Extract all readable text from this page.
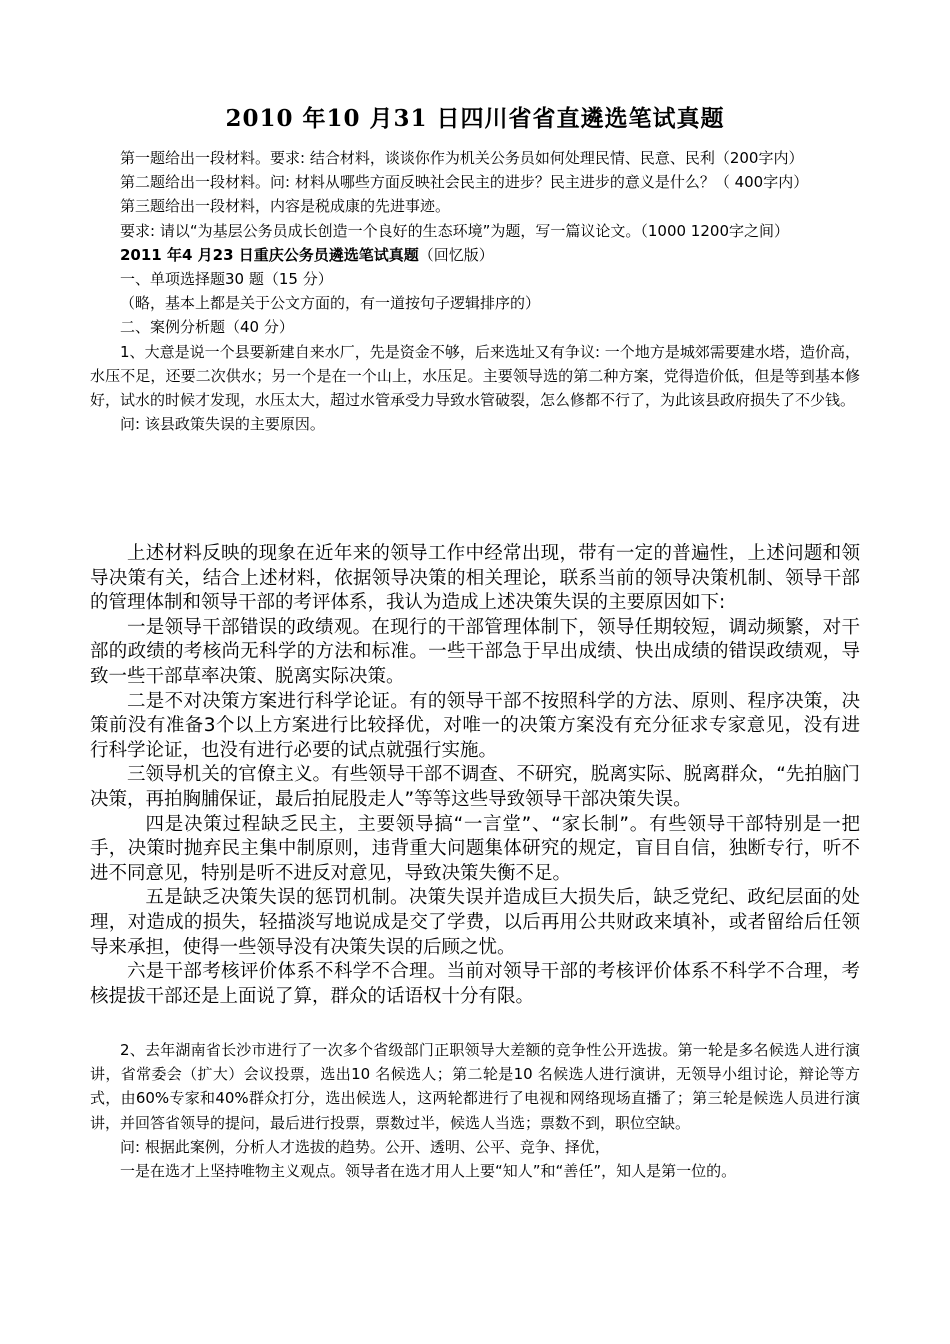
2010 年10 月31 日四川省省直遴选笔试真题

第一题给出一段材料。要求: 结合材料，谈谈你作为机关公务员如何处理民情、民意、民利（200字内）

第二题给出一段材料。问: 材料从哪些方面反映社会民主的进步？民主进步的意义是什么？（ 400字内）

第三题给出一段材料，内容是税成康的先进事迹。

要求: 请以“为基层公务员成长创造一个良好的生态环境”为题，写一篇议论文。（1000 1200字之间）

2011 年4 月23 日重庆公务员遴选笔试真题（回忆版）

一、单项选择题30 题（15 分）

（略，基本上都是关于公文方面的，有一道按句子逻辑排序的）

二、案例分析题（40 分）

1、大意是说一个县要新建自来水厂，先是资金不够，后来选址又有争议: 一个地方是城郊需要建水塔，造价高，水压不足，还要二次供水；另一个是在一个山上，水压足。主要领导选的第二种方案，党得造价低，但是等到基本修好，试水的时候才发现，水压太大，超过水管承受力导致水管破裂，怎么修都不行了，为此该县政府损失了不少钱。

问: 该县政策失误的主要原因。

上述材料反映的现象在近年来的领导工作中经常出现，带有一定的普遍性，上述问题和领导决策有关，结合上述材料，依据领导决策的相关理论，联系当前的领导决策机制、领导干部的管理体制和领导干部的考评体系，我认为造成上述决策失误的主要原因如下:

一是领导干部错误的政绩观。在现行的干部管理体制下，领导任期较短，调动频繁，对干部的政绩的考核尚无科学的方法和标准。一些干部急于早出成绩、快出成绩的错误政绩观，导致一些干部草率决策、脱离实际决策。

二是不对决策方案进行科学论证。有的领导干部不按照科学的方法、原则、程序决策，决策前没有准备3个以上方案进行比较择优，对唯一的决策方案没有充分征求专家意见，没有进行科学论证，也没有进行必要的试点就强行实施。

三领导机关的官僚主义。有些领导干部不调查、不研究，脱离实际、脱离群众，“先拍脑门决策，再拍胸脯保证，最后拍屁股走人”等等这些导致领导干部决策失误。

四是决策过程缺乏民主，主要领导搞“一言堂”、“家长制”。有些领导干部特别是一把手，决策时抛弃民主集中制原则，违背重大问题集体研究的规定，盲目自信，独断专行，听不进不同意见，特别是听不进反对意见，导致决策失衡不足。

五是缺乏决策失误的惩罚机制。决策失误并造成巨大损失后，缺乏党纪、政纪层面的处理，对造成的损失，轻描淡写地说成是交了学费，以后再用公共财政来填补，或者留给后任领导来承担，使得一些领导没有决策失误的后顾之忧。

六是干部考核评价体系不科学不合理。当前对领导干部的考核评价体系不科学不合理，考核提拔干部还是上面说了算，群众的话语权十分有限。

2、去年湖南省长沙市进行了一次多个省级部门正职领导大差额的竞争性公开选拔。第一轮是多名候选人进行演讲，省常委会（扩大）会议投票，选出10 名候选人；第二轮是10 名候选人进行演讲，无领导小组讨论，辩论等方式，由60%专家和40%群众打分，选出候选人，这两轮都进行了电视和网络现场直播了；第三轮是候选人员进行演讲，并回答省领导的提问，最后进行投票，票数过半，候选人当选；票数不到，职位空缺。

问: 根据此案例，分析人才选拔的趋势。公开、透明、公平、竞争、择优，

一是在选才上坚持唯物主义观点。领导者在选才用人上要“知人”和“善任”，知人是第一位的。
